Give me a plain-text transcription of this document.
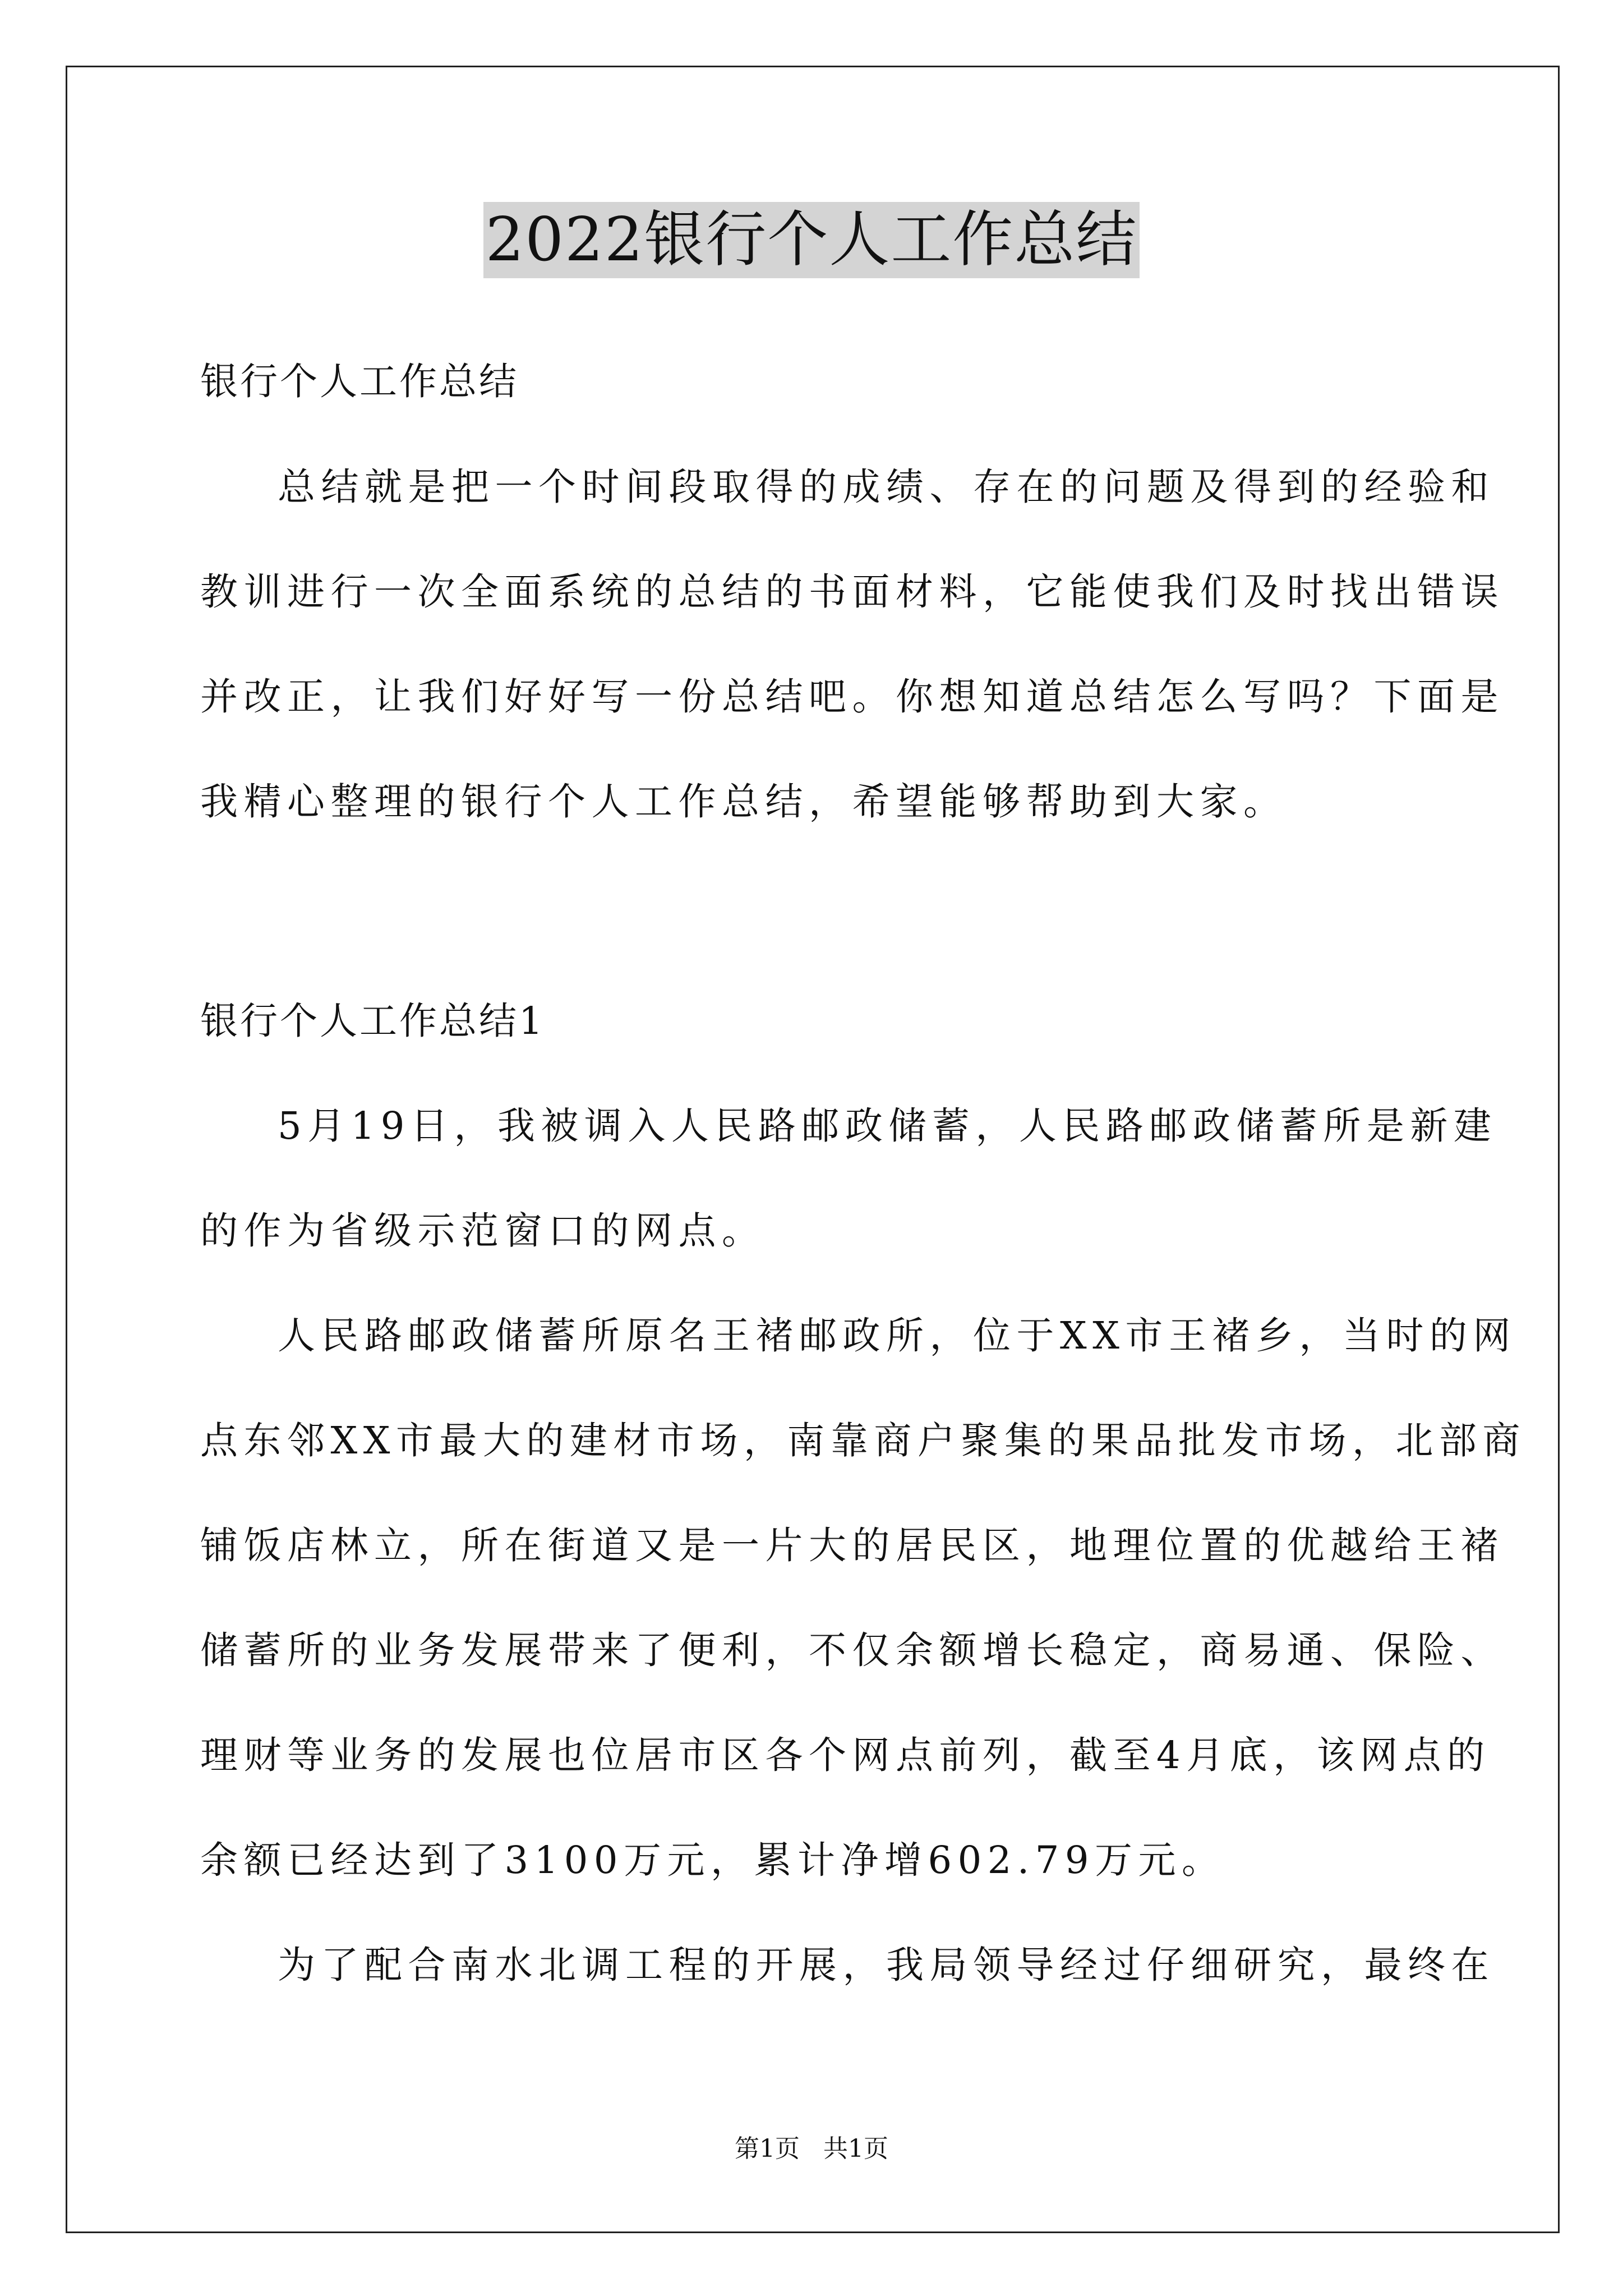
2022银行个人工作总结
银行个人工作总结
总结就是把一个时间段取得的成绩、存在的问题及得到的经验和
教训进行一次全面系统的总结的书面材料，它能使我们及时找出错误
并改正，让我们好好写一份总结吧。你想知道总结怎么写吗？下面是
我精心整理的银行个人工作总结，希望能够帮助到大家。
银行个人工作总结1
5月19日，我被调入人民路邮政储蓄，人民路邮政储蓄所是新建
的作为省级示范窗口的网点。
人民路邮政储蓄所原名王褚邮政所，位于XX市王褚乡，当时的网
点东邻XX市最大的建材市场，南靠商户聚集的果品批发市场，北部商
铺饭店林立，所在街道又是一片大的居民区，地理位置的优越给王褚
储蓄所的业务发展带来了便利，不仅余额增长稳定，商易通、保险、
理财等业务的发展也位居市区各个网点前列，截至4月底，该网点的
余额已经达到了3100万元，累计净增602.79万元。
为了配合南水北调工程的开展，我局领导经过仔细研究，最终在
第1页   共1页
